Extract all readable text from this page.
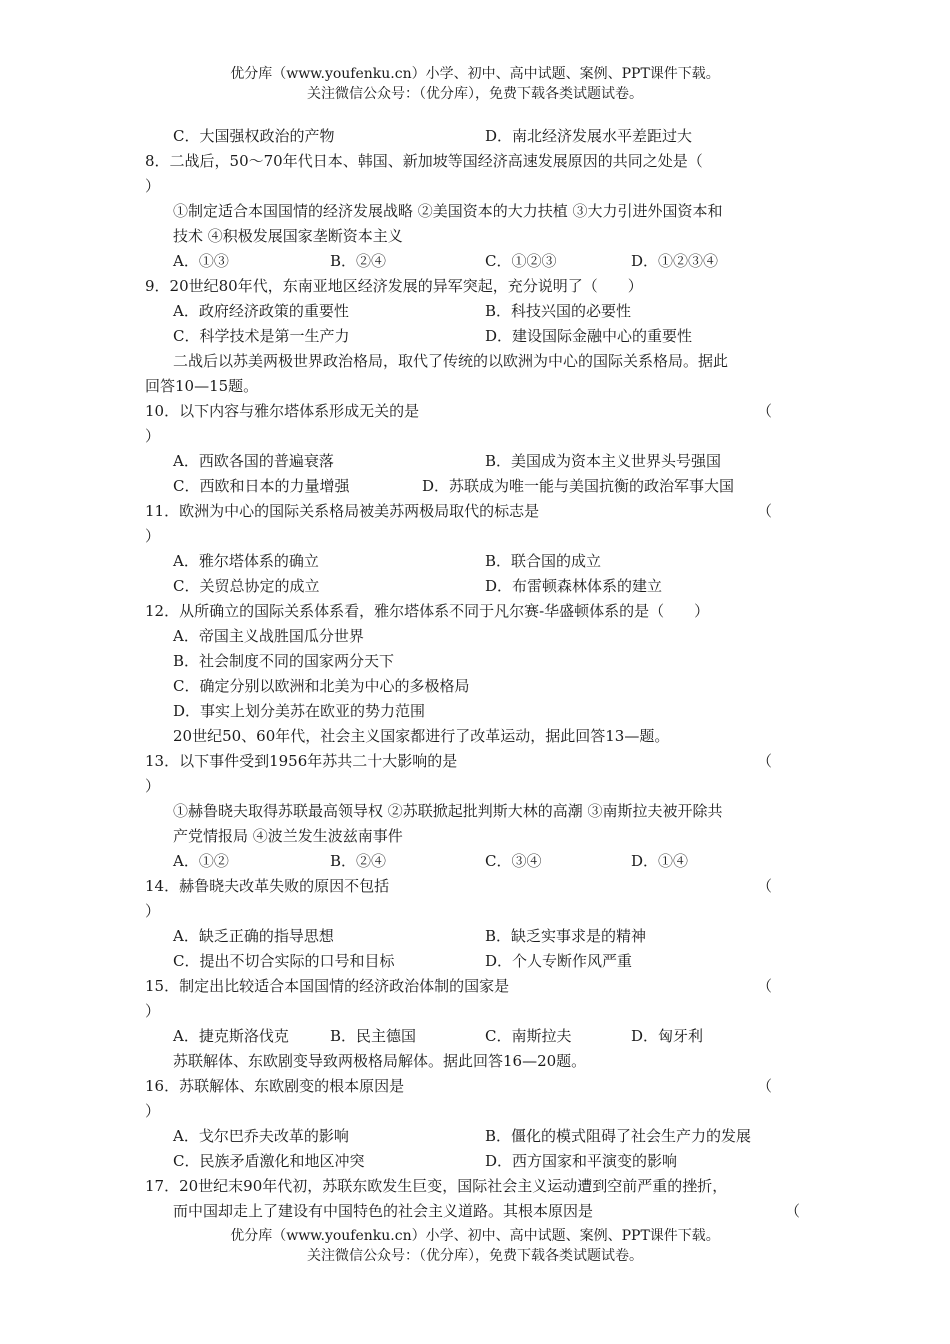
优分库（www.youfenku.cn）小学、初中、高中试题、案例、PPT课件下载。
关注微信公众号：（优分库），免费下载各类试题试卷。
C．大国强权政治的产物	D．南北经济发展水平差距过大
8．二战后，50～70年代日本、韩国、新加坡等国经济高速发展原因的共同之处是（
）
①制定适合本国国情的经济发展战略 ②美国资本的大力扶植 ③大力引进外国资本和
技术 ④积极发展国家垄断资本主义
A．①③	B．②④	C．①②③	D．①②③④
9．20世纪80年代，东南亚地区经济发展的异军突起，充分说明了（　　）
A．政府经济政策的重要性	B．科技兴国的必要性
C．科学技术是第一生产力	D．建设国际金融中心的重要性
二战后以苏美两极世界政治格局，取代了传统的以欧洲为中心的国际关系格局。据此
回答10—15题。
10．以下内容与雅尔塔体系形成无关的是	（
）
A．西欧各国的普遍衰落	B．美国成为资本主义世界头号强国
C．西欧和日本的力量增强	D．苏联成为唯一能与美国抗衡的政治军事大国
11．欧洲为中心的国际关系格局被美苏两极局取代的标志是	（
）
A．雅尔塔体系的确立	B．联合国的成立
C．关贸总协定的成立	D．布雷顿森林体系的建立
12．从所确立的国际关系体系看，雅尔塔体系不同于凡尔赛-华盛顿体系的是（　　）
A．帝国主义战胜国瓜分世界
B．社会制度不同的国家两分天下
C．确定分别以欧洲和北美为中心的多极格局
D．事实上划分美苏在欧亚的势力范围
20世纪50、60年代，社会主义国家都进行了改革运动，据此回答13—题。
13．以下事件受到1956年苏共二十大影响的是	（
）
①赫鲁晓夫取得苏联最高领导权 ②苏联掀起批判斯大林的高潮 ③南斯拉夫被开除共
产党情报局 ④波兰发生波兹南事件
A．①②	B．②④	C．③④	D．①④
14．赫鲁晓夫改革失败的原因不包括	（
）
A．缺乏正确的指导思想	B．缺乏实事求是的精神
C．提出不切合实际的口号和目标	D．个人专断作风严重
15．制定出比较适合本国国情的经济政治体制的国家是	（
）
A．捷克斯洛伐克	B．民主德国	C．南斯拉夫	D．匈牙利
苏联解体、东欧剧变导致两极格局解体。据此回答16—20题。
16．苏联解体、东欧剧变的根本原因是	（
）
A．戈尔巴乔夫改革的影响	B．僵化的模式阻碍了社会生产力的发展
C．民族矛盾激化和地区冲突	D．西方国家和平演变的影响
17．20世纪末90年代初，苏联东欧发生巨变，国际社会主义运动遭到空前严重的挫折，
而中国却走上了建设有中国特色的社会主义道路。其根本原因是	（
优分库（www.youfenku.cn）小学、初中、高中试题、案例、PPT课件下载。
关注微信公众号：（优分库），免费下载各类试题试卷。
